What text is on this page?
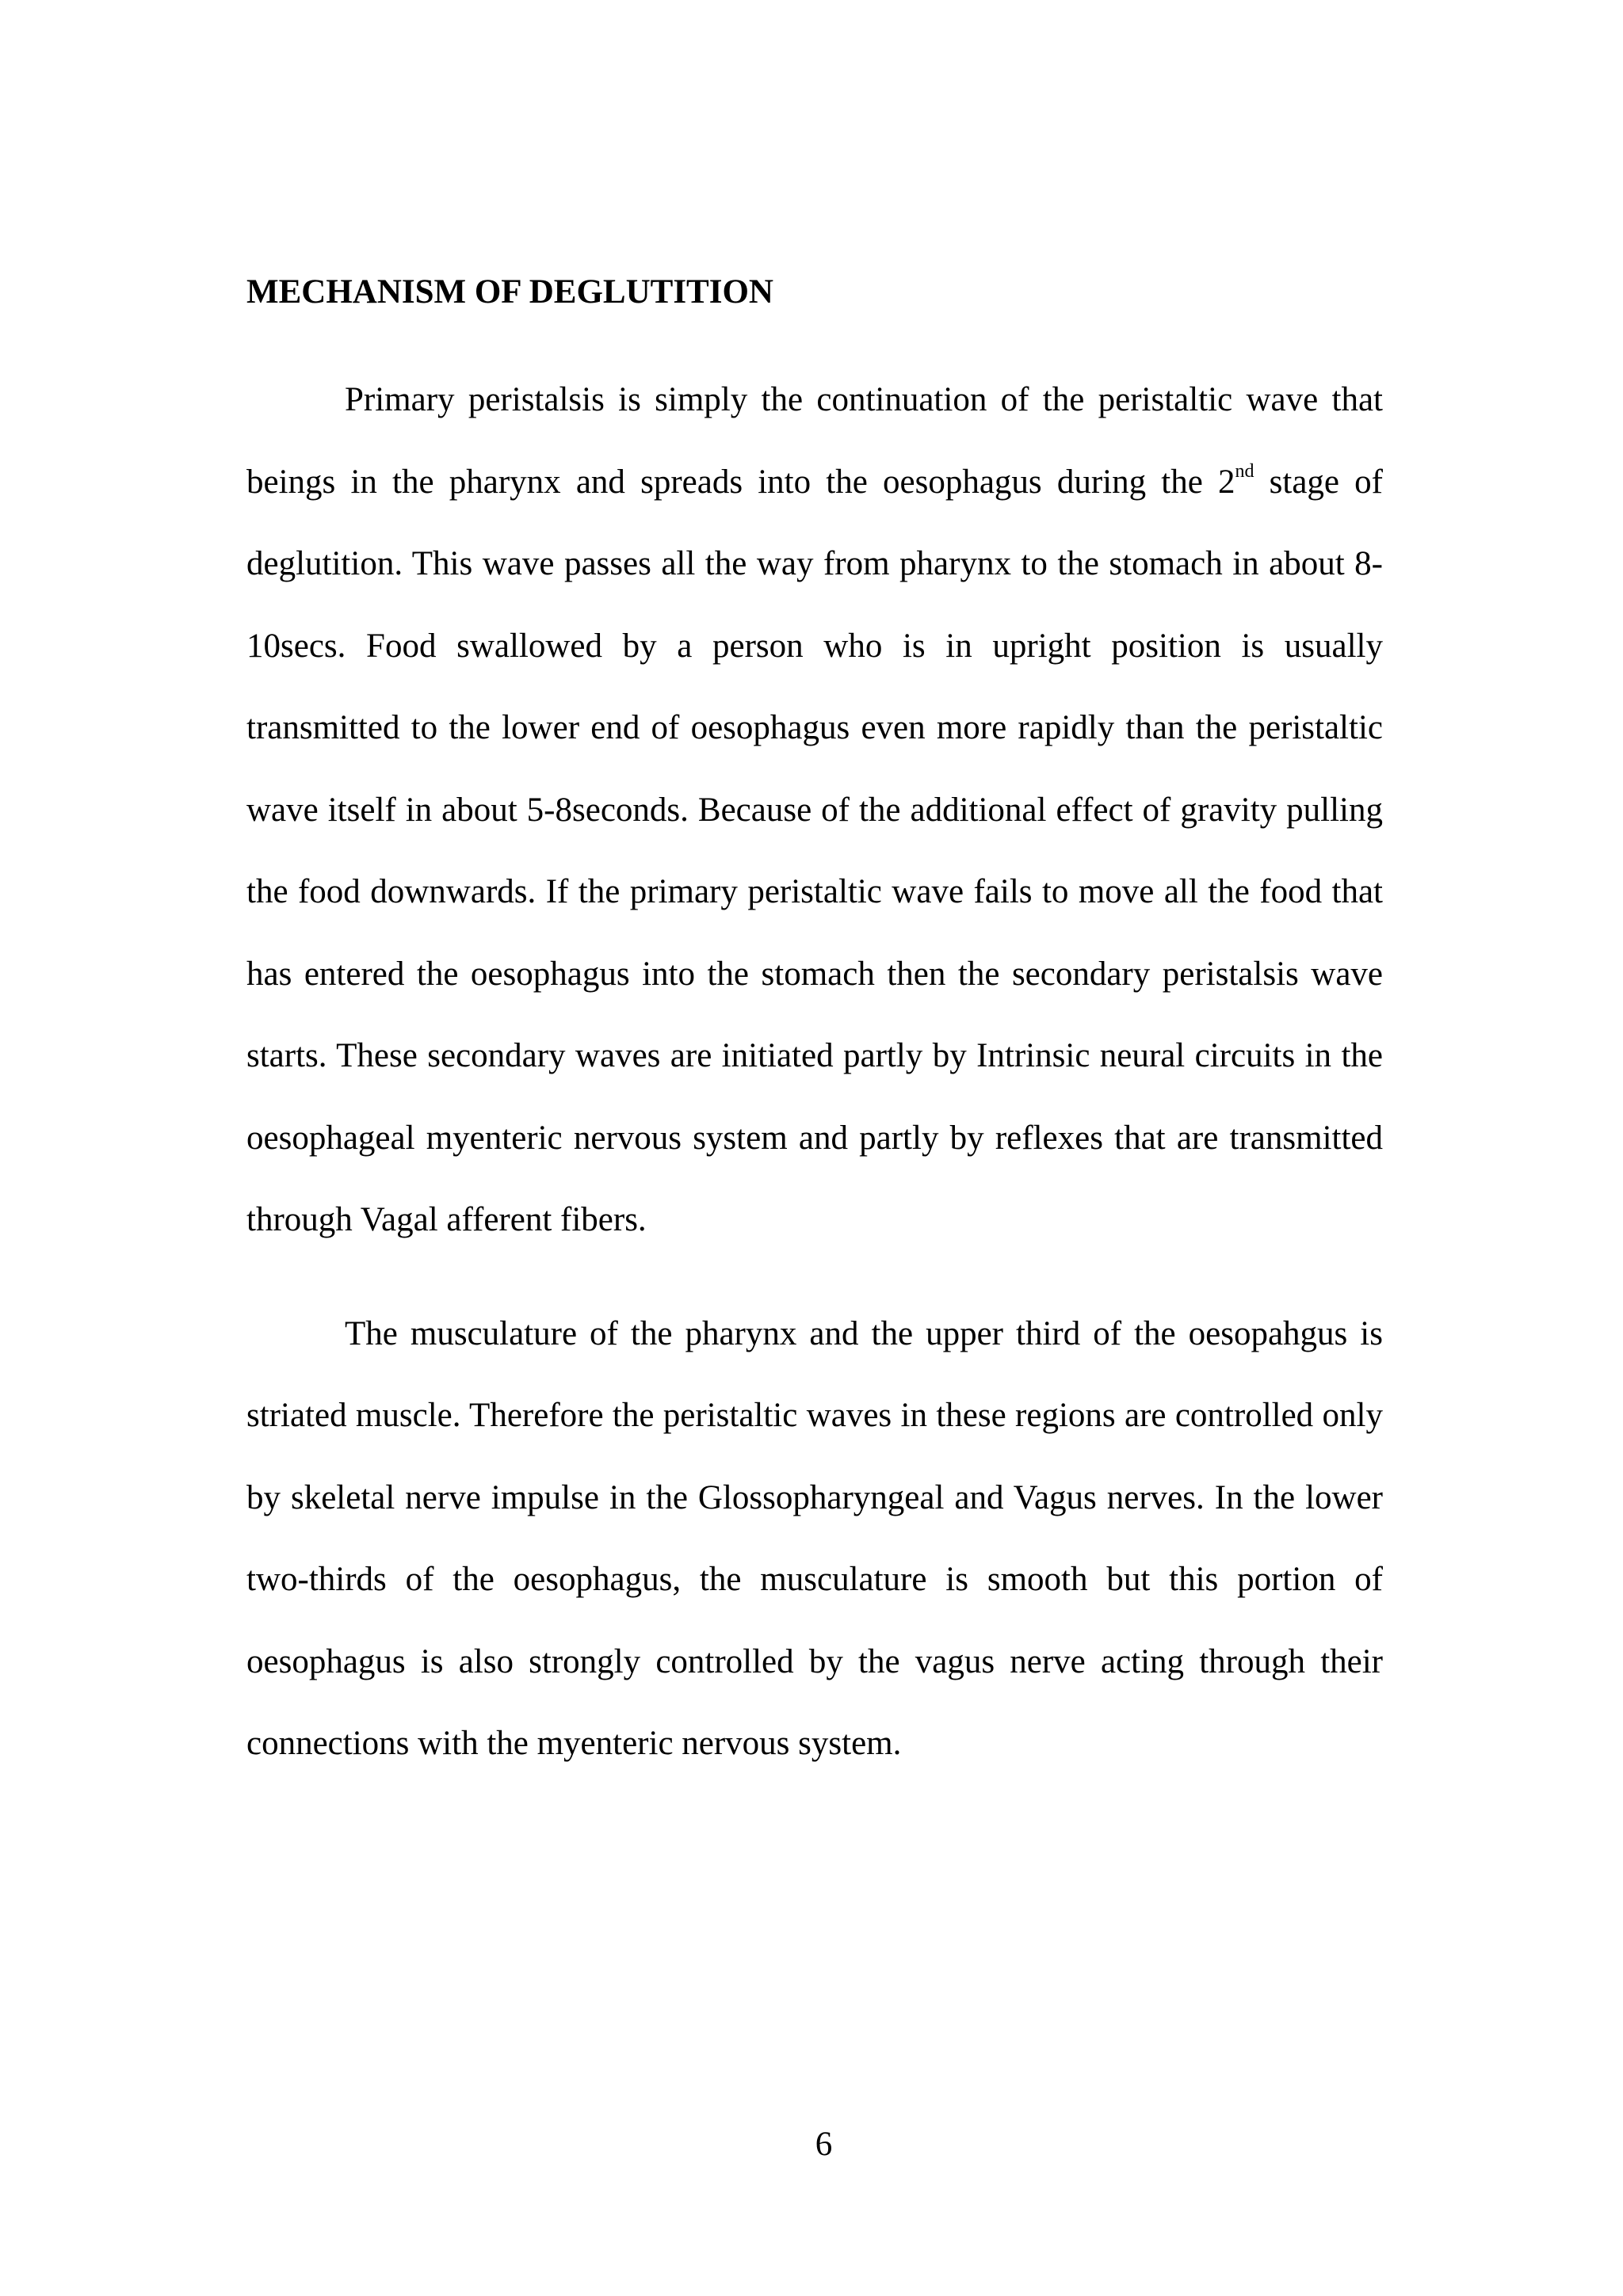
MECHANISM OF DEGLUTITION

Primary peristalsis is simply the continuation of the peristaltic wave that beings in the pharynx and spreads into the oesophagus during the 2nd stage of deglutition. This wave passes all the way from pharynx to the stomach in about 8-10secs. Food swallowed by a person who is in upright position is usually transmitted to the lower end of oesophagus even more rapidly than the peristaltic wave itself in about 5-8seconds. Because of the additional effect of gravity pulling the food downwards. If the primary peristaltic wave fails to move all the food that has entered the oesophagus into the stomach then the secondary peristalsis wave starts. These secondary waves are initiated partly by Intrinsic neural circuits in the oesophageal myenteric nervous system and partly by reflexes that are transmitted through Vagal afferent fibers.

The musculature of the pharynx and the upper third of the oesopahgus is striated muscle. Therefore the peristaltic waves in these regions are controlled only by skeletal nerve impulse in the Glossopharyngeal and Vagus nerves. In the lower two-thirds of the oesophagus, the musculature is smooth but this portion of oesophagus is also strongly controlled by the vagus nerve acting through their connections with the myenteric nervous system.

6
